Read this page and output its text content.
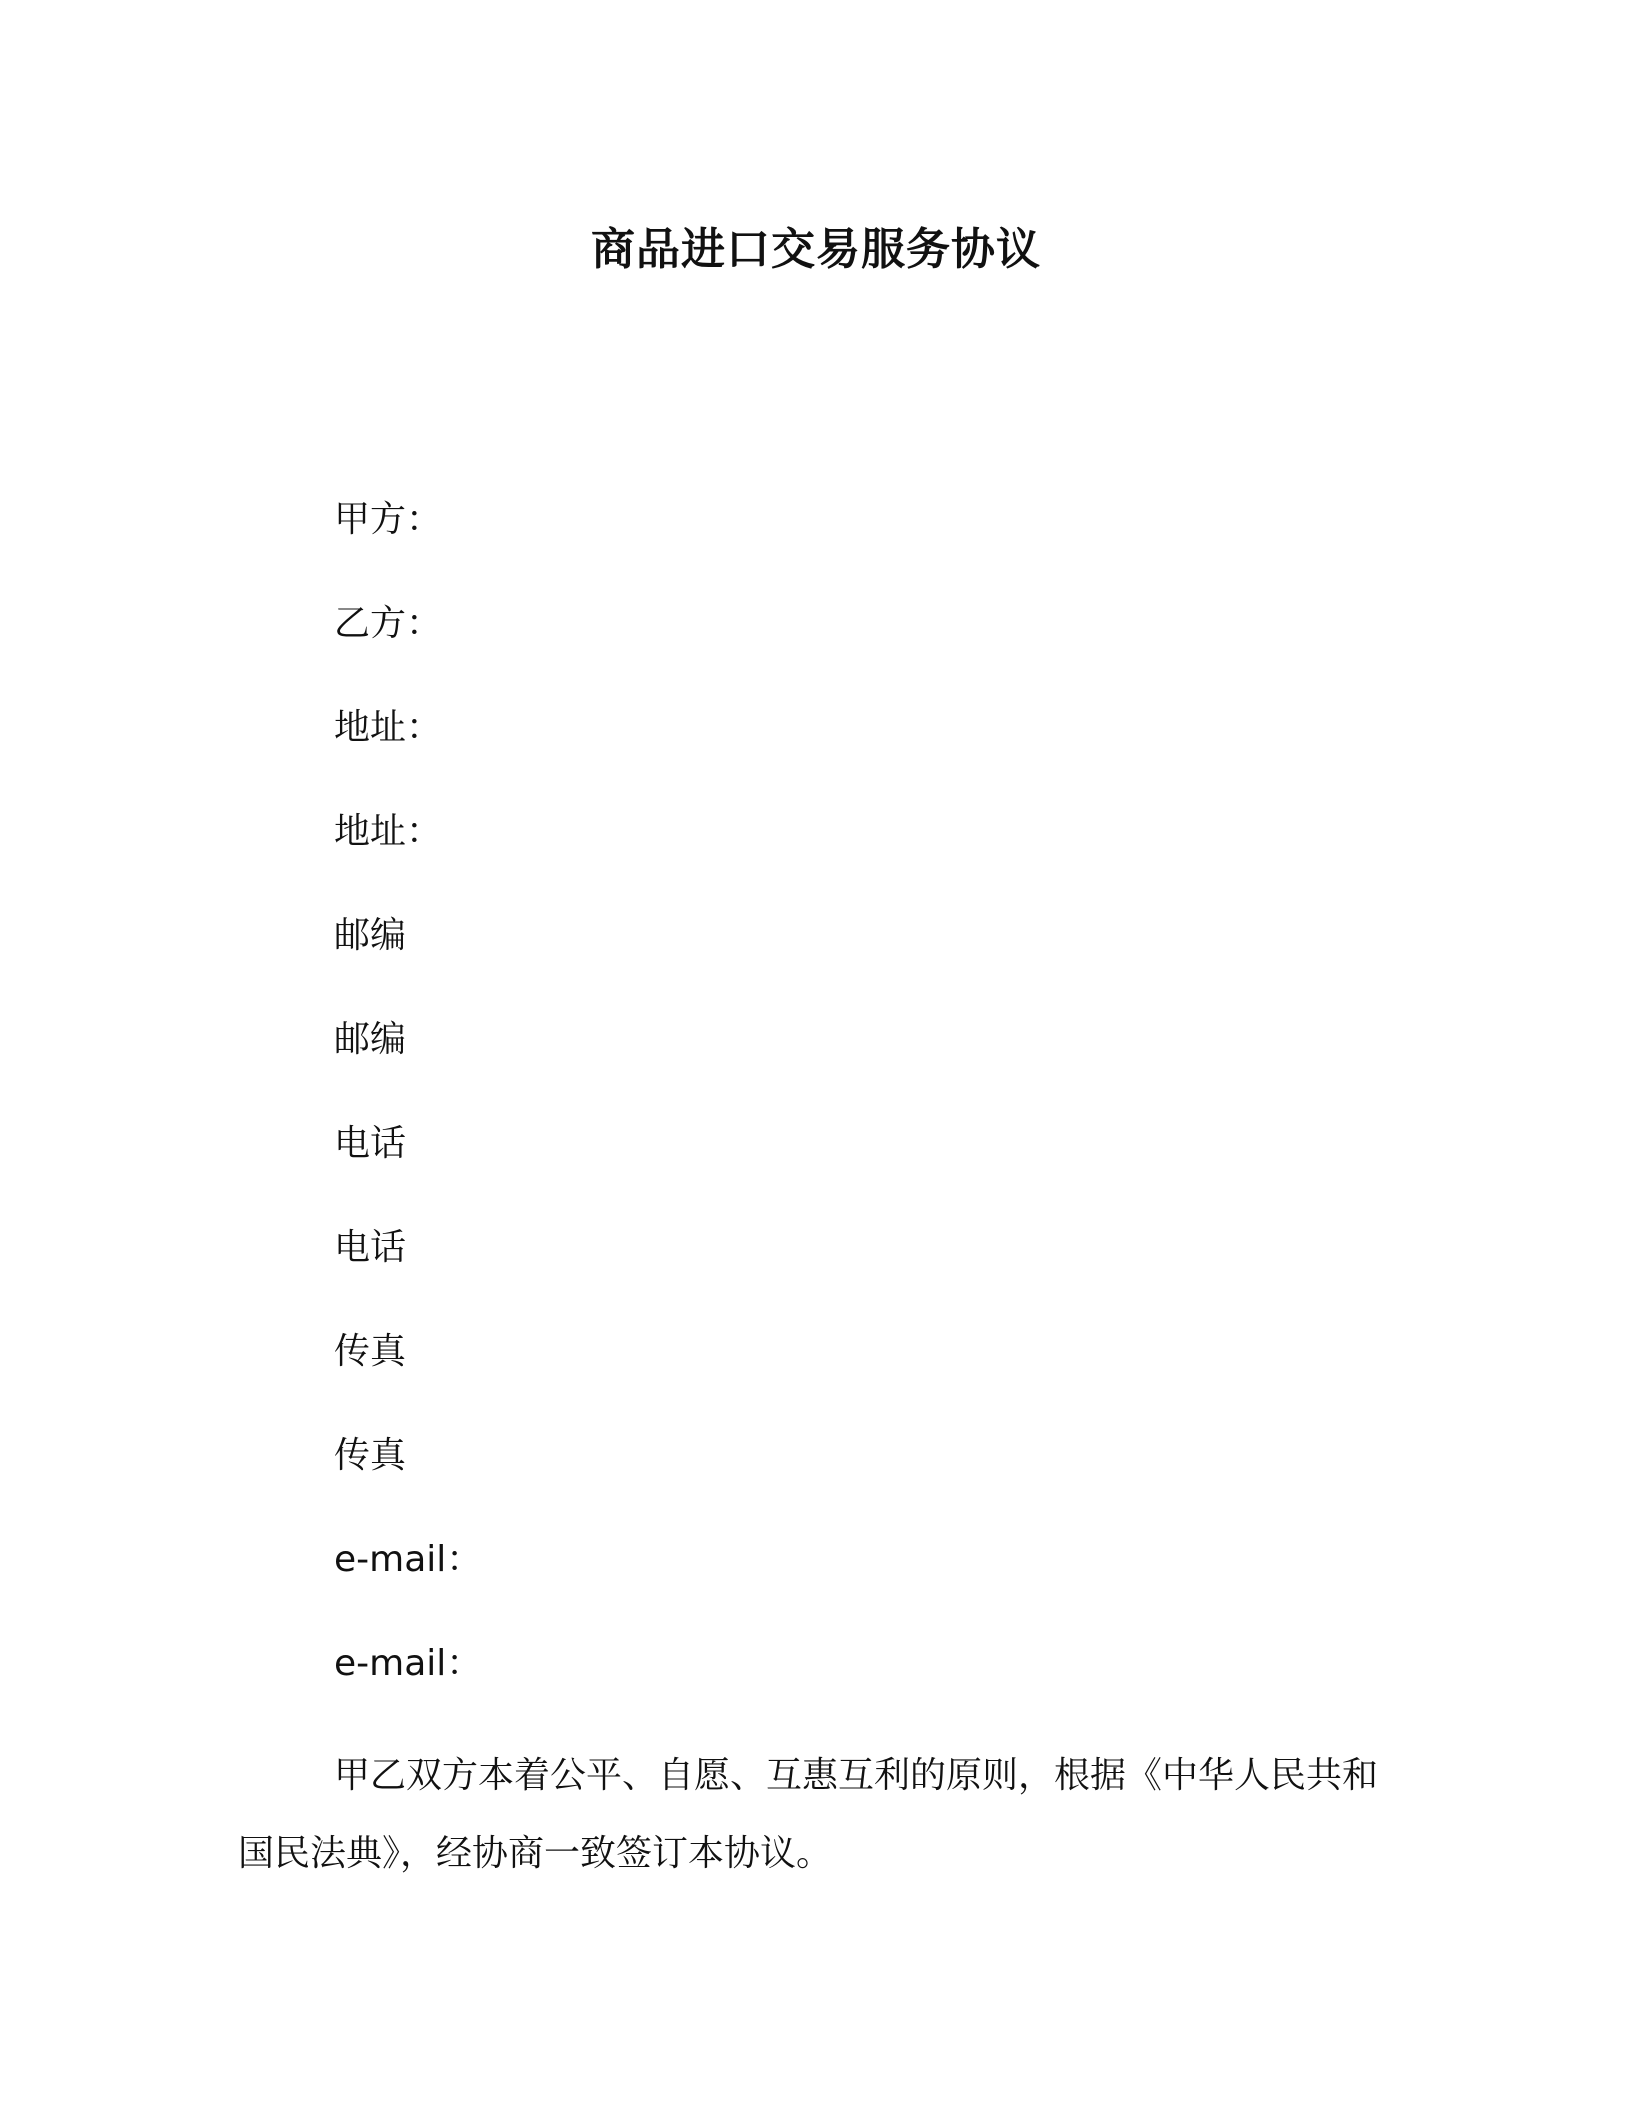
商品进口交易服务协议
甲方：
乙方：
地址：
地址：
邮编
邮编
电话
电话
传真
传真
e-mail：
e-mail：

甲乙双方本着公平、自愿、互惠互利的原则，根据《中华人民共和国民法典》，经协商一致签订本协议。
